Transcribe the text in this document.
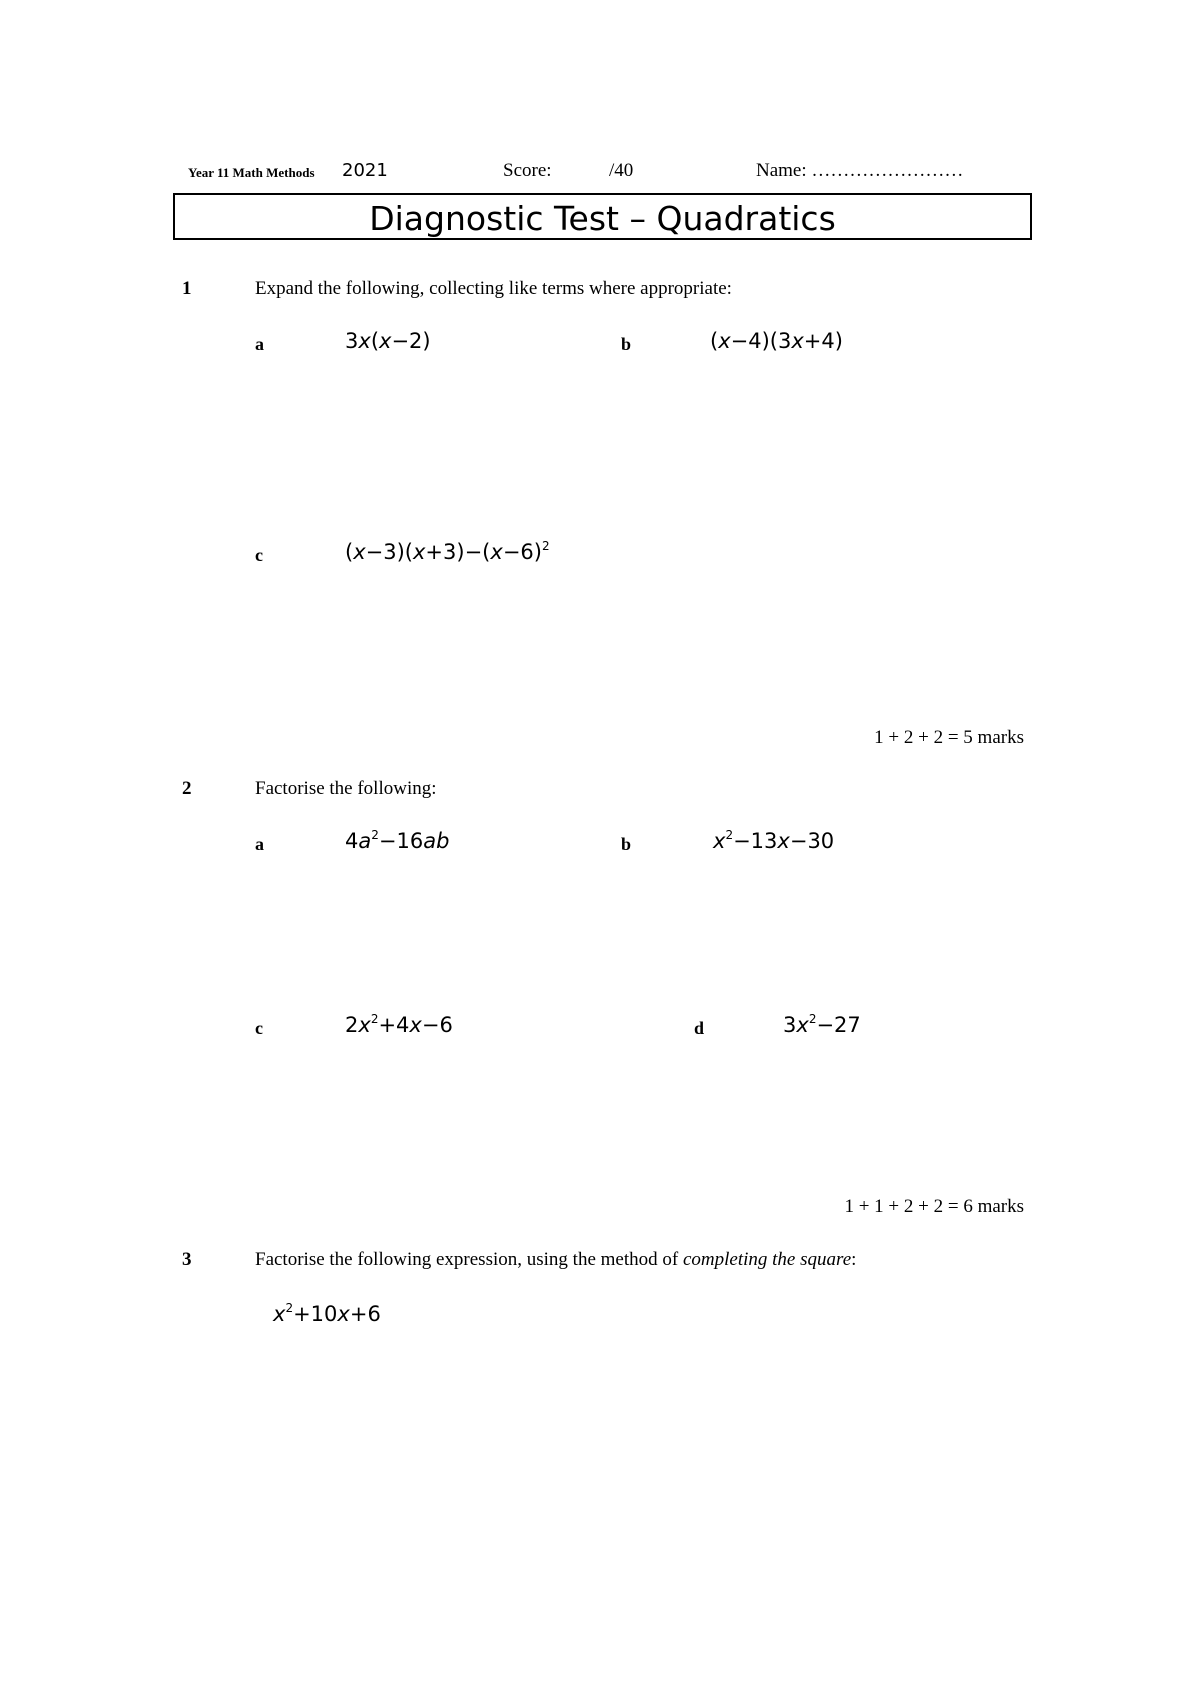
Year 11 Math Methods 2021	Score:	/40	Name: ……………………
Diagnostic Test – Quadratics
1	Expand the following, collecting like terms where appropriate:
a	3x(x−2)	b	(x−4)(3x+4)
c	$(x-3)(x+3)-(x-6)^2$
1 + 2 + 2 = 5 marks
2	Factorise the following:
a	$4a^2-16ab$	b	$x^2-13x-30$
c	$2x^2+4x-6$	d	$3x^2-27$
1 + 1 + 2 + 2 = 6 marks
3	Factorise the following expression, using the method of completing the square:
$x^2+10x+6$
